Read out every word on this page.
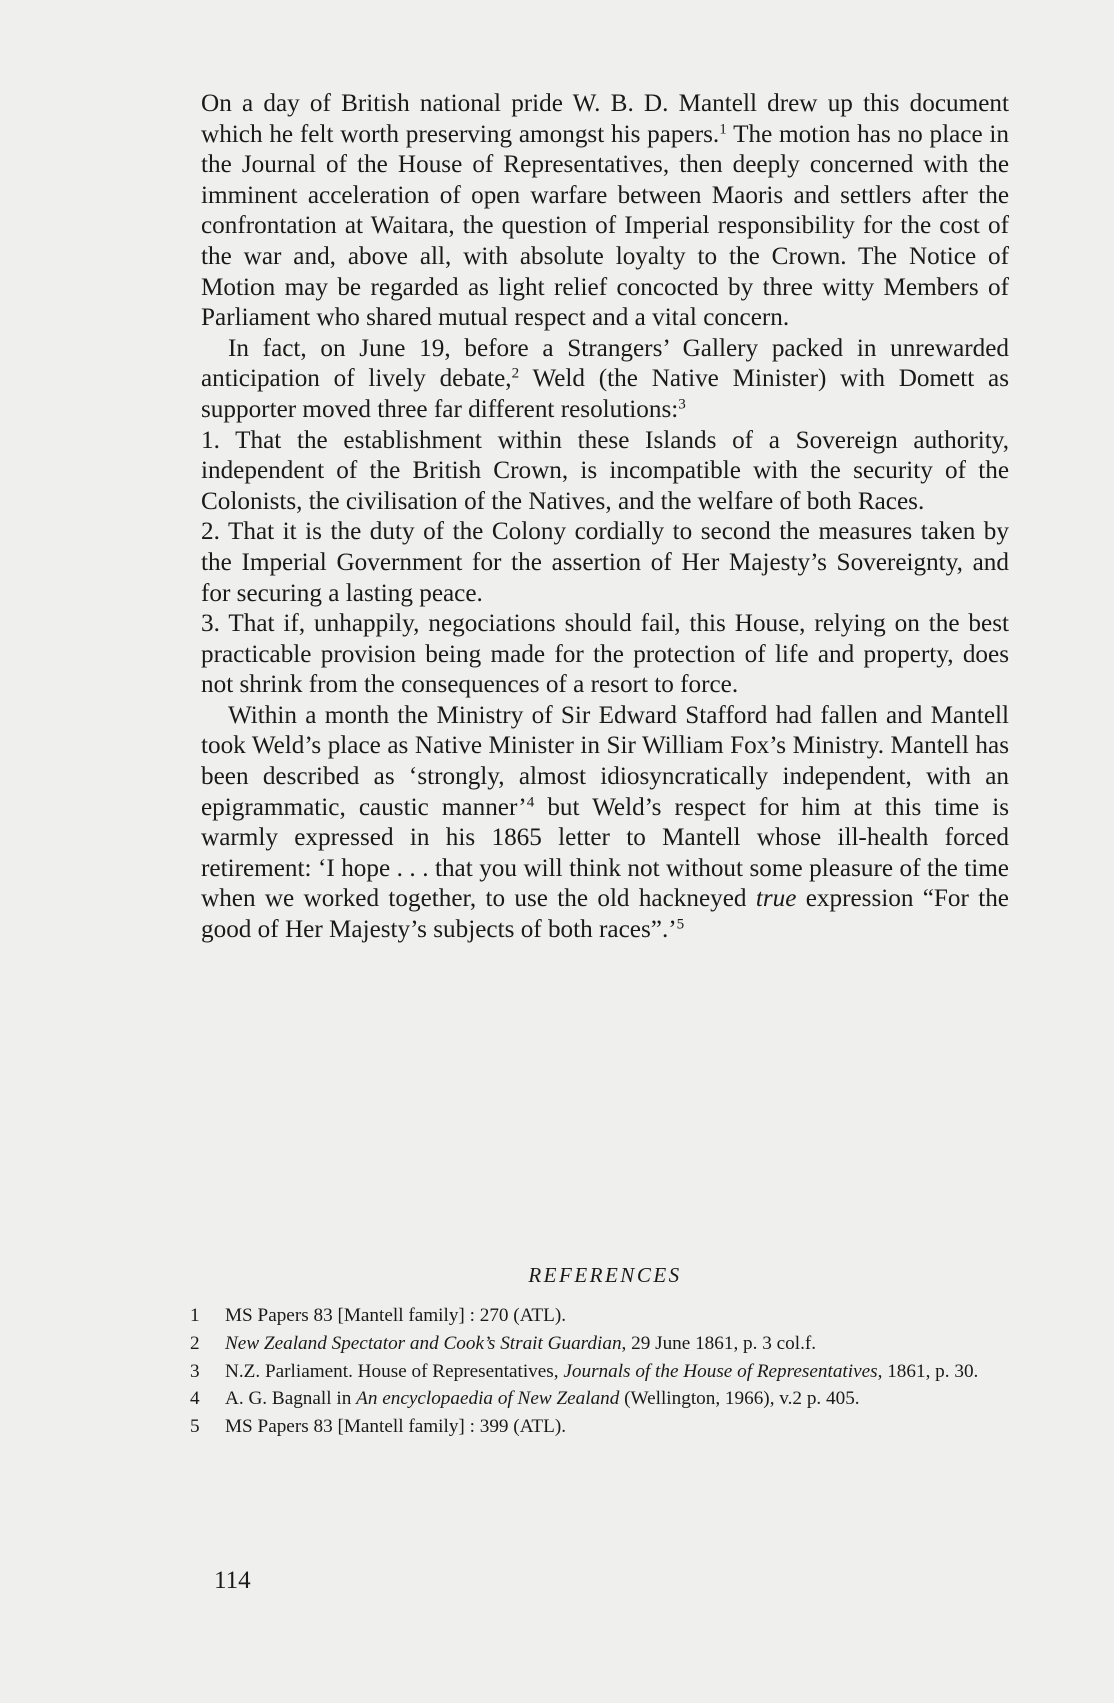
On a day of British national pride W. B. D. Mantell drew up this document which he felt worth preserving amongst his papers.$^1$ The motion has no place in the Journal of the House of Representatives, then deeply concerned with the imminent acceleration of open warfare between Maoris and settlers after the confrontation at Waitara, the question of Imperial responsibility for the cost of the war and, above all, with absolute loyalty to the Crown. The Notice of Motion may be regarded as light relief concocted by three witty Members of Parliament who shared mutual respect and a vital concern.

In fact, on June 19, before a Strangers’ Gallery packed in unrewarded anticipation of lively debate,$^2$ Weld (the Native Minister) with Domett as supporter moved three far different resolutions:$^3$

1. That the establishment within these Islands of a Sovereign authority, independent of the British Crown, is incompatible with the security of the Colonists, the civilisation of the Natives, and the welfare of both Races.

2. That it is the duty of the Colony cordially to second the measures taken by the Imperial Government for the assertion of Her Majesty’s Sovereignty, and for securing a lasting peace.

3. That if, unhappily, negociations should fail, this House, relying on the best practicable provision being made for the protection of life and property, does not shrink from the consequences of a resort to force.

Within a month the Ministry of Sir Edward Stafford had fallen and Mantell took Weld’s place as Native Minister in Sir William Fox’s Ministry. Mantell has been described as ‘strongly, almost idiosyncratically independent, with an epigrammatic, caustic manner’$^4$ but Weld’s respect for him at this time is warmly expressed in his 1865 letter to Mantell whose ill-health forced retirement: ‘I hope . . . that you will think not without some pleasure of the time when we worked together, to use the old hackneyed true expression “For the good of Her Majesty’s subjects of both races”.’$^5$

REFERENCES
1	MS Papers 83 [Mantell family] : 270 (ATL).
2	New Zealand Spectator and Cook’s Strait Guardian, 29 June 1861, p. 3 col.f.
3	N.Z. Parliament. House of Representatives, Journals of the House of Representatives, 1861, p. 30.
4	A. G. Bagnall in An encyclopaedia of New Zealand (Wellington, 1966), v.2 p. 405.
5	MS Papers 83 [Mantell family] : 399 (ATL).
114
